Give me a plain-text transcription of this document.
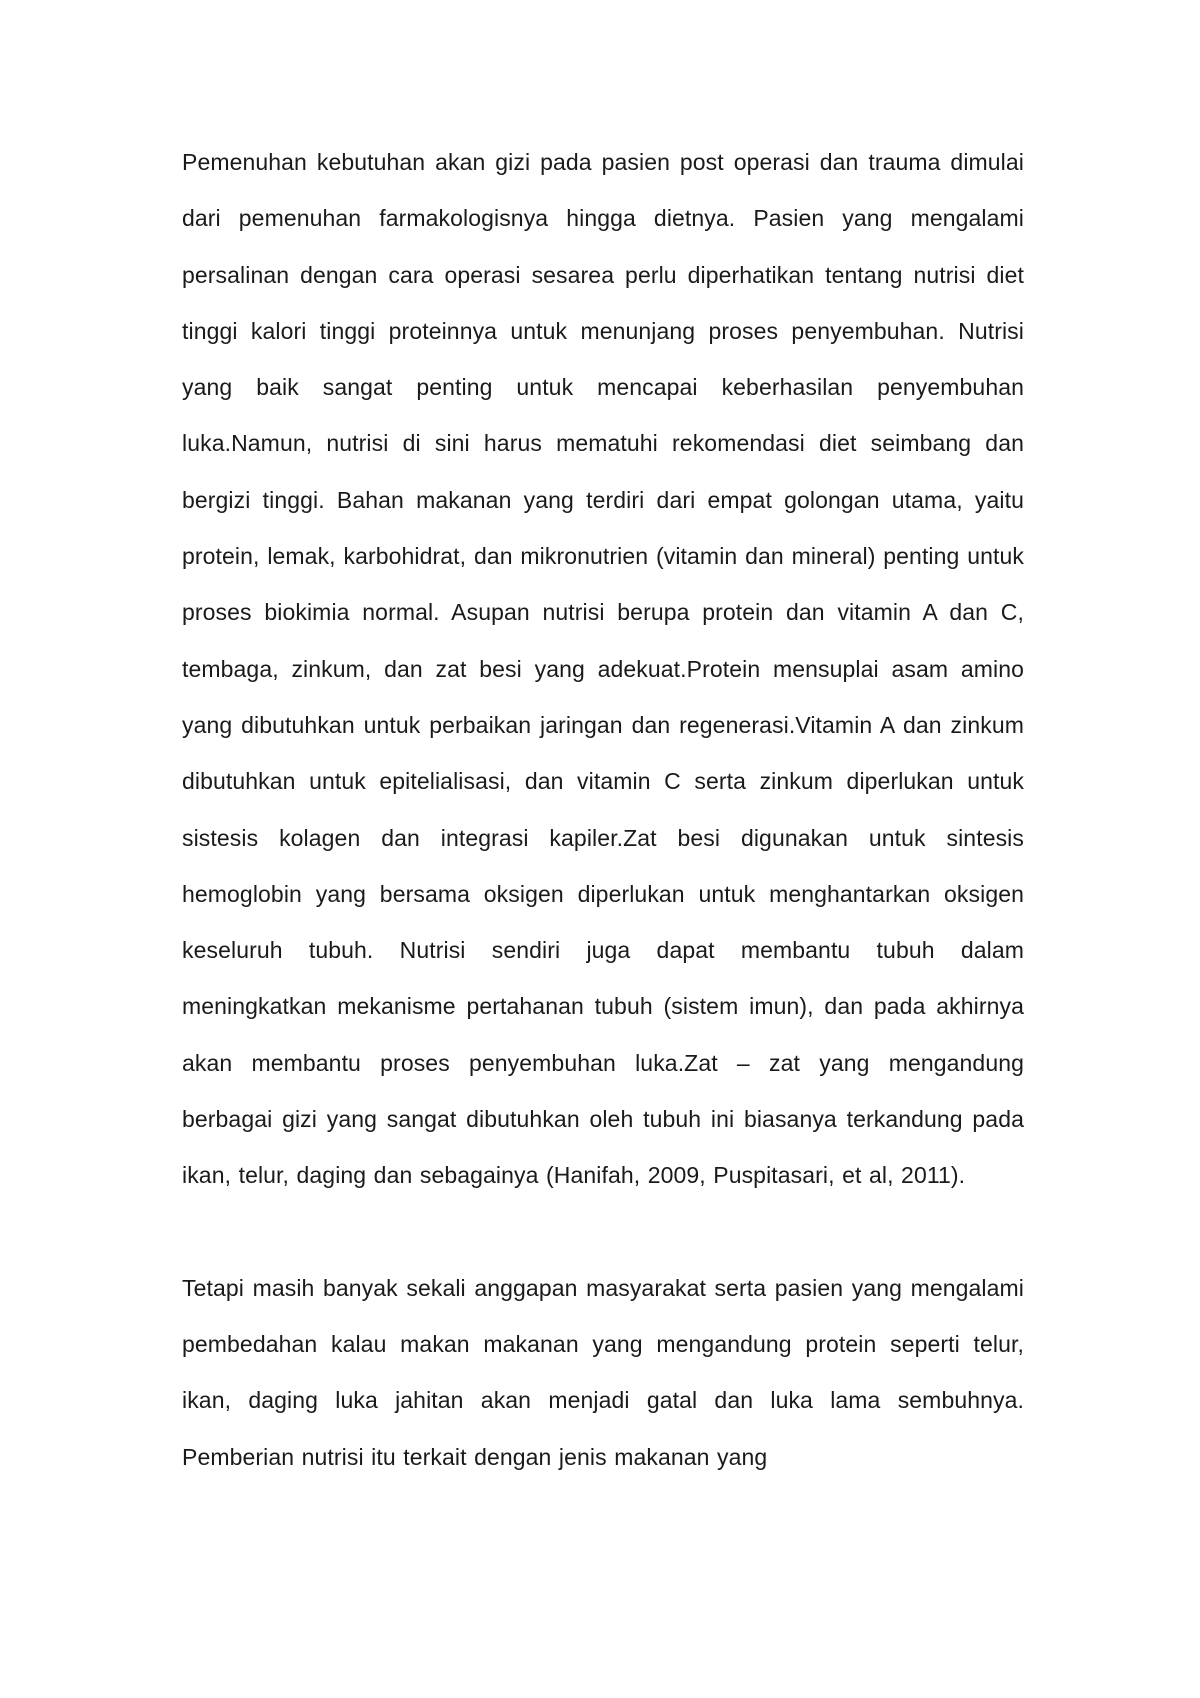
Pemenuhan kebutuhan akan gizi pada pasien post operasi dan trauma dimulai dari pemenuhan farmakologisnya hingga dietnya. Pasien yang mengalami persalinan dengan cara operasi sesarea perlu diperhatikan tentang nutrisi diet tinggi kalori tinggi proteinnya untuk menunjang proses penyembuhan. Nutrisi yang baik sangat penting untuk mencapai keberhasilan penyembuhan luka.Namun, nutrisi di sini harus mematuhi rekomendasi diet seimbang dan bergizi tinggi. Bahan makanan yang terdiri dari empat golongan utama, yaitu protein, lemak, karbohidrat, dan mikronutrien (vitamin dan mineral) penting untuk proses biokimia normal. Asupan nutrisi berupa protein dan vitamin A dan C, tembaga, zinkum, dan zat besi yang adekuat.Protein mensuplai asam amino yang dibutuhkan untuk perbaikan jaringan dan regenerasi.Vitamin A dan zinkum dibutuhkan untuk epitelialisasi, dan vitamin C serta zinkum diperlukan untuk sistesis kolagen dan integrasi kapiler.Zat besi digunakan untuk sintesis hemoglobin yang bersama oksigen diperlukan untuk menghantarkan oksigen keseluruh tubuh. Nutrisi sendiri juga dapat membantu tubuh dalam meningkatkan mekanisme pertahanan tubuh (sistem imun), dan pada akhirnya akan membantu proses penyembuhan luka.Zat – zat yang mengandung berbagai gizi yang sangat dibutuhkan oleh tubuh ini biasanya terkandung pada ikan, telur, daging dan sebagainya (Hanifah, 2009, Puspitasari, et al, 2011).

Tetapi masih banyak sekali anggapan masyarakat serta pasien yang mengalami pembedahan kalau makan makanan yang mengandung protein seperti telur, ikan, daging luka jahitan akan menjadi gatal dan luka lama sembuhnya. Pemberian nutrisi itu terkait dengan jenis makanan yang
